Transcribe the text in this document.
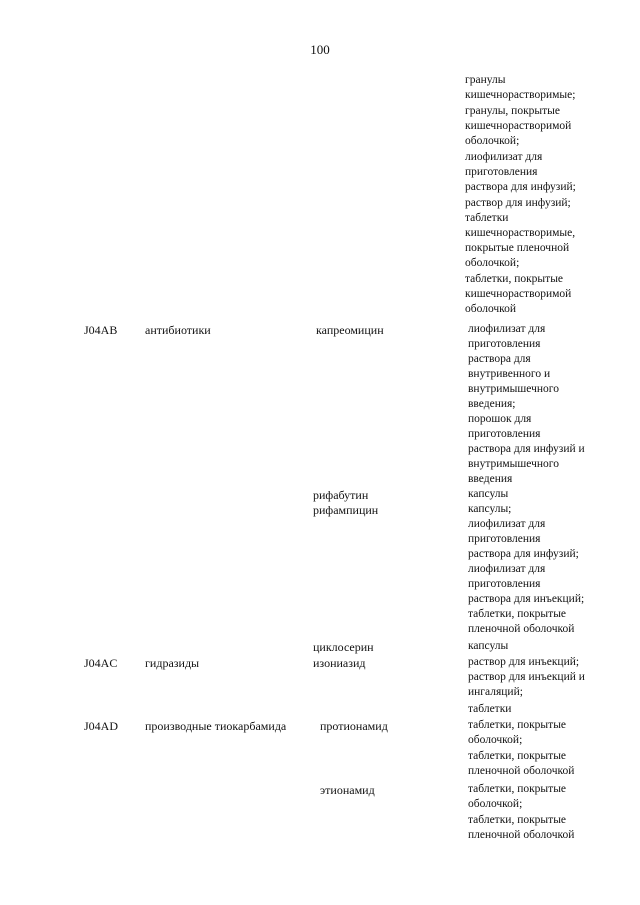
100
гранулы
кишечнорастворимые;
гранулы, покрытые
кишечнорастворимой
оболочкой;
лиофилизат для
приготовления
раствора для инфузий;
раствор для инфузий;
таблетки
кишечнорастворимые,
покрытые пленочной
оболочкой;
таблетки, покрытые
кишечнорастворимой
оболочкой
J04AB антибиотики	капреомицин	лиофилизат для
приготовления
раствора для
внутривенного и
внутримышечного
введения;
порошок для
приготовления
раствора для инфузий и
внутримышечного
введения
рифабутин	капсулы
рифампицин	капсулы;
лиофилизат для
приготовления
раствора для инфузий;
лиофилизат для
приготовления
раствора для инъекций;
таблетки, покрытые
пленочной оболочкой
циклосерин	капсулы
J04AC гидразиды	изониазид	раствор для инъекций;
раствор для инъекций и
ингаляций;
таблетки
J04AD производные тиокарбамида	протионамид	таблетки, покрытые
оболочкой;
таблетки, покрытые
пленочной оболочкой
этионамид	таблетки, покрытые
оболочкой;
таблетки, покрытые
пленочной оболочкой
